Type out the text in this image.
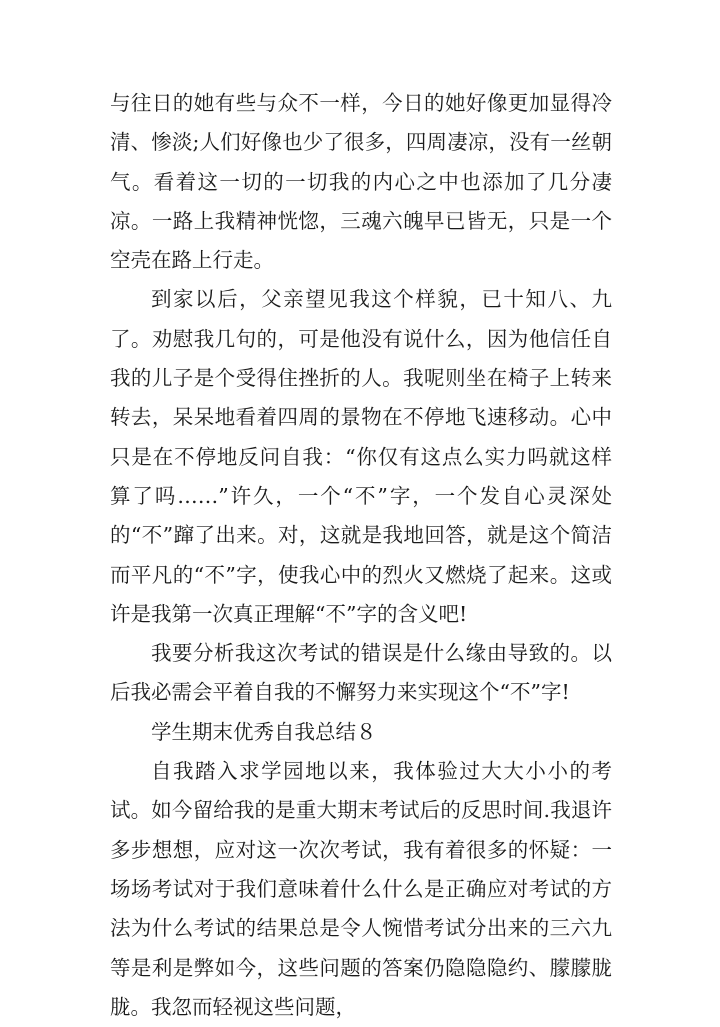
与往日的她有些与众不一样，今日的她好像更加显得冷清、惨淡;人们好像也少了很多，四周凄凉，没有一丝朝气。看着这一切的一切我的内心之中也添加了几分凄凉。一路上我精神恍惚，三魂六魄早已皆无，只是一个空壳在路上行走。

到家以后，父亲望见我这个样貌，已十知八、九了。劝慰我几句的，可是他没有说什么，因为他信任自我的儿子是个受得住挫折的人。我呢则坐在椅子上转来转去，呆呆地看着四周的景物在不停地飞速移动。心中只是在不停地反问自我：“你仅有这点么实力吗就这样算了吗……”许久，一个“不”字，一个发自心灵深处的“不”蹿了出来。对，这就是我地回答，就是这个简洁而平凡的“不”字，使我心中的烈火又燃烧了起来。这或许是我第一次真正理解“不”字的含义吧!

我要分析我这次考试的错误是什么缘由导致的。以后我必需会平着自我的不懈努力来实现这个“不”字!

学生期末优秀自我总结８

自我踏入求学园地以来，我体验过大大小小的考试。如今留给我的是重大期末考试后的反思时间.我退许多步想想，应对这一次次考试，我有着很多的怀疑：一场场考试对于我们意味着什么什么是正确应对考试的方法为什么考试的结果总是令人惋惜考试分出来的三六九等是利是弊如今，这些问题的答案仍隐隐隐约、朦朦胧胧。我忽而轻视这些问题，
